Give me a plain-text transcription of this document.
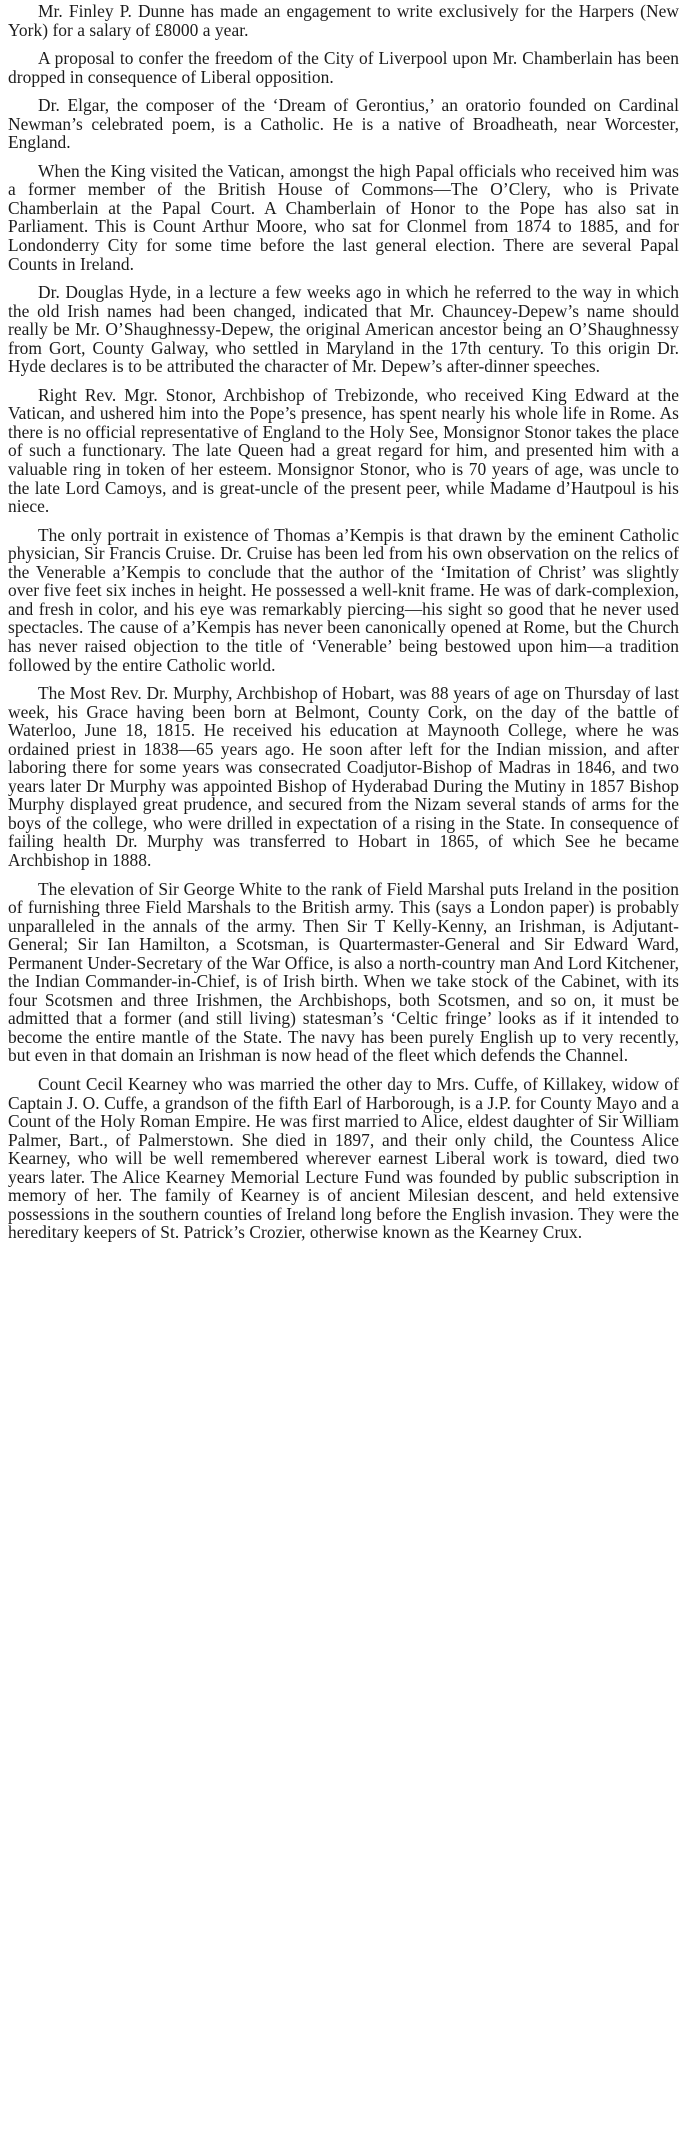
Mr. Finley P. Dunne has made an engagement to write exclusively for the Harpers (New York) for a salary of £8000 a year.

A proposal to confer the freedom of the City of Liverpool upon Mr. Chamberlain has been dropped in consequence of Liberal opposition.

Dr. Elgar, the composer of the ‘Dream of Gerontius,’ an oratorio founded on Cardinal Newman’s celebrated poem, is a Catholic. He is a native of Broadheath, near Worcester, England.

When the King visited the Vatican, amongst the high Papal officials who received him was a former member of the British House of Commons—The O’Clery, who is Private Chamberlain at the Papal Court. A Chamberlain of Honor to the Pope has also sat in Parliament. This is Count Arthur Moore, who sat for Clonmel from 1874 to 1885, and for Londonderry City for some time before the last general election. There are several Papal Counts in Ireland.

Dr. Douglas Hyde, in a lecture a few weeks ago in which he referred to the way in which the old Irish names had been changed, indicated that Mr. Chauncey-Depew’s name should really be Mr. O’Shaughnessy-Depew, the original American ancestor being an O’Shaughnessy from Gort, County Galway, who settled in Maryland in the 17th century. To this origin Dr. Hyde declares is to be attributed the character of Mr. Depew’s after-dinner speeches.

Right Rev. Mgr. Stonor, Archbishop of Trebizonde, who received King Edward at the Vatican, and ushered him into the Pope’s presence, has spent nearly his whole life in Rome. As there is no official representative of England to the Holy See, Monsignor Stonor takes the place of such a functionary. The late Queen had a great regard for him, and presented him with a valuable ring in token of her esteem. Monsignor Stonor, who is 70 years of age, was uncle to the late Lord Camoys, and is great-uncle of the present peer, while Madame d’Hautpoul is his niece.

The only portrait in existence of Thomas a’Kempis is that drawn by the eminent Catholic physician, Sir Francis Cruise. Dr. Cruise has been led from his own observation on the relics of the Venerable a’Kempis to conclude that the author of the ‘Imitation of Christ’ was slightly over five feet six inches in height. He possessed a well-knit frame. He was of dark-complexion, and fresh in color, and his eye was remarkably piercing—his sight so good that he never used spectacles. The cause of a’Kempis has never been canonically opened at Rome, but the Church has never raised objection to the title of ‘Venerable’ being bestowed upon him—a tradition followed by the entire Catholic world.

The Most Rev. Dr. Murphy, Archbishop of Hobart, was 88 years of age on Thursday of last week, his Grace having been born at Belmont, County Cork, on the day of the battle of Waterloo, June 18, 1815. He received his education at Maynooth College, where he was ordained priest in 1838—65 years ago. He soon after left for the Indian mission, and after laboring there for some years was consecrated Coadjutor-Bishop of Madras in 1846, and two years later Dr Murphy was appointed Bishop of Hyderabad During the Mutiny in 1857 Bishop Murphy displayed great prudence, and secured from the Nizam several stands of arms for the boys of the college, who were drilled in expectation of a rising in the State. In consequence of failing health Dr. Murphy was transferred to Hobart in 1865, of which See he became Archbishop in 1888.

The elevation of Sir George White to the rank of Field Marshal puts Ireland in the position of furnishing three Field Marshals to the British army. This (says a London paper) is probably unparalleled in the annals of the army. Then Sir T Kelly-Kenny, an Irishman, is Adjutant-General; Sir Ian Hamilton, a Scotsman, is Quartermaster-General and Sir Edward Ward, Permanent Under-Secretary of the War Office, is also a north-country man And Lord Kitchener, the Indian Commander-in-Chief, is of Irish birth. When we take stock of the Cabinet, with its four Scotsmen and three Irishmen, the Archbishops, both Scotsmen, and so on, it must be admitted that a former (and still living) statesman’s ‘Celtic fringe’ looks as if it intended to become the entire mantle of the State. The navy has been purely English up to very recently, but even in that domain an Irishman is now head of the fleet which defends the Channel.

Count Cecil Kearney who was married the other day to Mrs. Cuffe, of Killakey, widow of Captain J. O. Cuffe, a grandson of the fifth Earl of Harborough, is a J.P. for County Mayo and a Count of the Holy Roman Empire. He was first married to Alice, eldest daughter of Sir William Palmer, Bart., of Palmerstown. She died in 1897, and their only child, the Countess Alice Kearney, who will be well remembered wherever earnest Liberal work is toward, died two years later. The Alice Kearney Memorial Lecture Fund was founded by public subscription in memory of her. The family of Kearney is of ancient Milesian descent, and held extensive possessions in the southern counties of Ireland long before the English invasion. They were the hereditary keepers of St. Patrick’s Crozier, otherwise known as the Kearney Crux.
